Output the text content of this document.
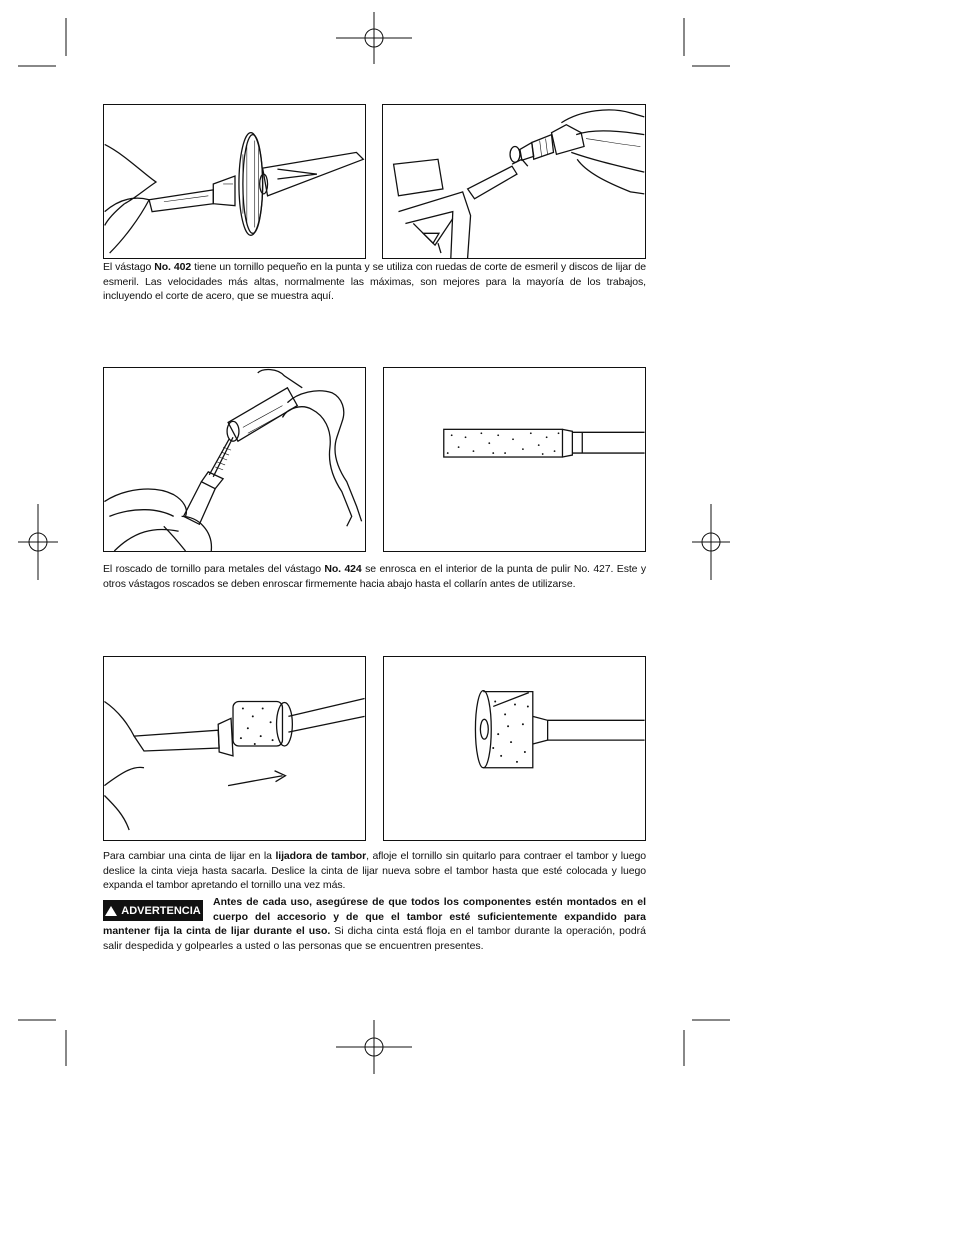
El vástago No. 402 tiene un tornillo pequeño en la punta y se utiliza con ruedas de corte de esmeril y discos de lijar de esmeril. Las velocidades más altas, normalmente las máximas, son mejores para la mayoría de los trabajos, incluyendo el corte de acero, que se muestra aquí.

El roscado de tornillo para metales del vástago No. 424 se enrosca en el interior de la punta de pulir No. 427. Este y otros vástagos roscados se deben enroscar firmemente hacia abajo hasta el collarín antes de utilizarse.

Para cambiar una cinta de lijar en la lijadora de tambor, afloje el tornillo sin quitarlo para contraer el tambor y luego deslice la cinta vieja hasta sacarla. Deslice la cinta de lijar nueva sobre el tambor hasta que esté colocada y luego expanda el tambor apretando el tornillo una vez más.

Antes de cada uso, asegúrese de que todos los componentes estén montados en el cuerpo del accesorio y de que el tambor esté suficientemente expandido para mantener fija la cinta de lijar durante el uso. Si dicha cinta está floja en el tambor durante la operación, podrá salir despedida y golpearles a usted o las personas que se encuentren presentes.
ADVERTENCIA
